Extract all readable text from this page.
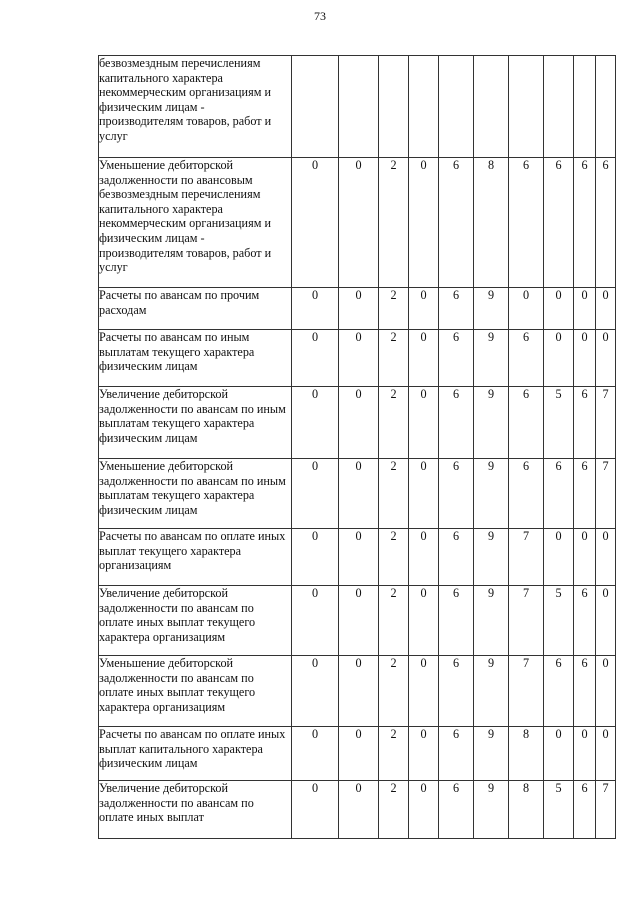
73
безвозмездным перечислениям капитального характера некоммерческим организациям и физическим лицам - производителям товаров, работ и услуг										
Уменьшение дебиторской задолженности по авансовым безвозмездным перечислениям капитального характера некоммерческим организациям и физическим лицам - производителям товаров, работ и услуг	0	0	2	0	6	8	6	6	6	6
Расчеты по авансам по прочим расходам	0	0	2	0	6	9	0	0	0	0
Расчеты по авансам по иным выплатам текущего характера физическим лицам	0	0	2	0	6	9	6	0	0	0
Увеличение дебиторской задолженности по авансам по иным выплатам текущего характера физическим лицам	0	0	2	0	6	9	6	5	6	7
Уменьшение дебиторской задолженности по авансам по иным выплатам текущего характера физическим лицам	0	0	2	0	6	9	6	6	6	7
Расчеты по авансам по оплате иных выплат текущего характера организациям	0	0	2	0	6	9	7	0	0	0
Увеличение дебиторской задолженности по авансам по оплате иных выплат текущего характера организациям	0	0	2	0	6	9	7	5	6	0
Уменьшение дебиторской задолженности по авансам по оплате иных выплат текущего характера организациям	0	0	2	0	6	9	7	6	6	0
Расчеты по авансам по оплате иных выплат капитального характера физическим лицам	0	0	2	0	6	9	8	0	0	0
Увеличение дебиторской задолженности по авансам по оплате иных выплат	0	0	2	0	6	9	8	5	6	7
